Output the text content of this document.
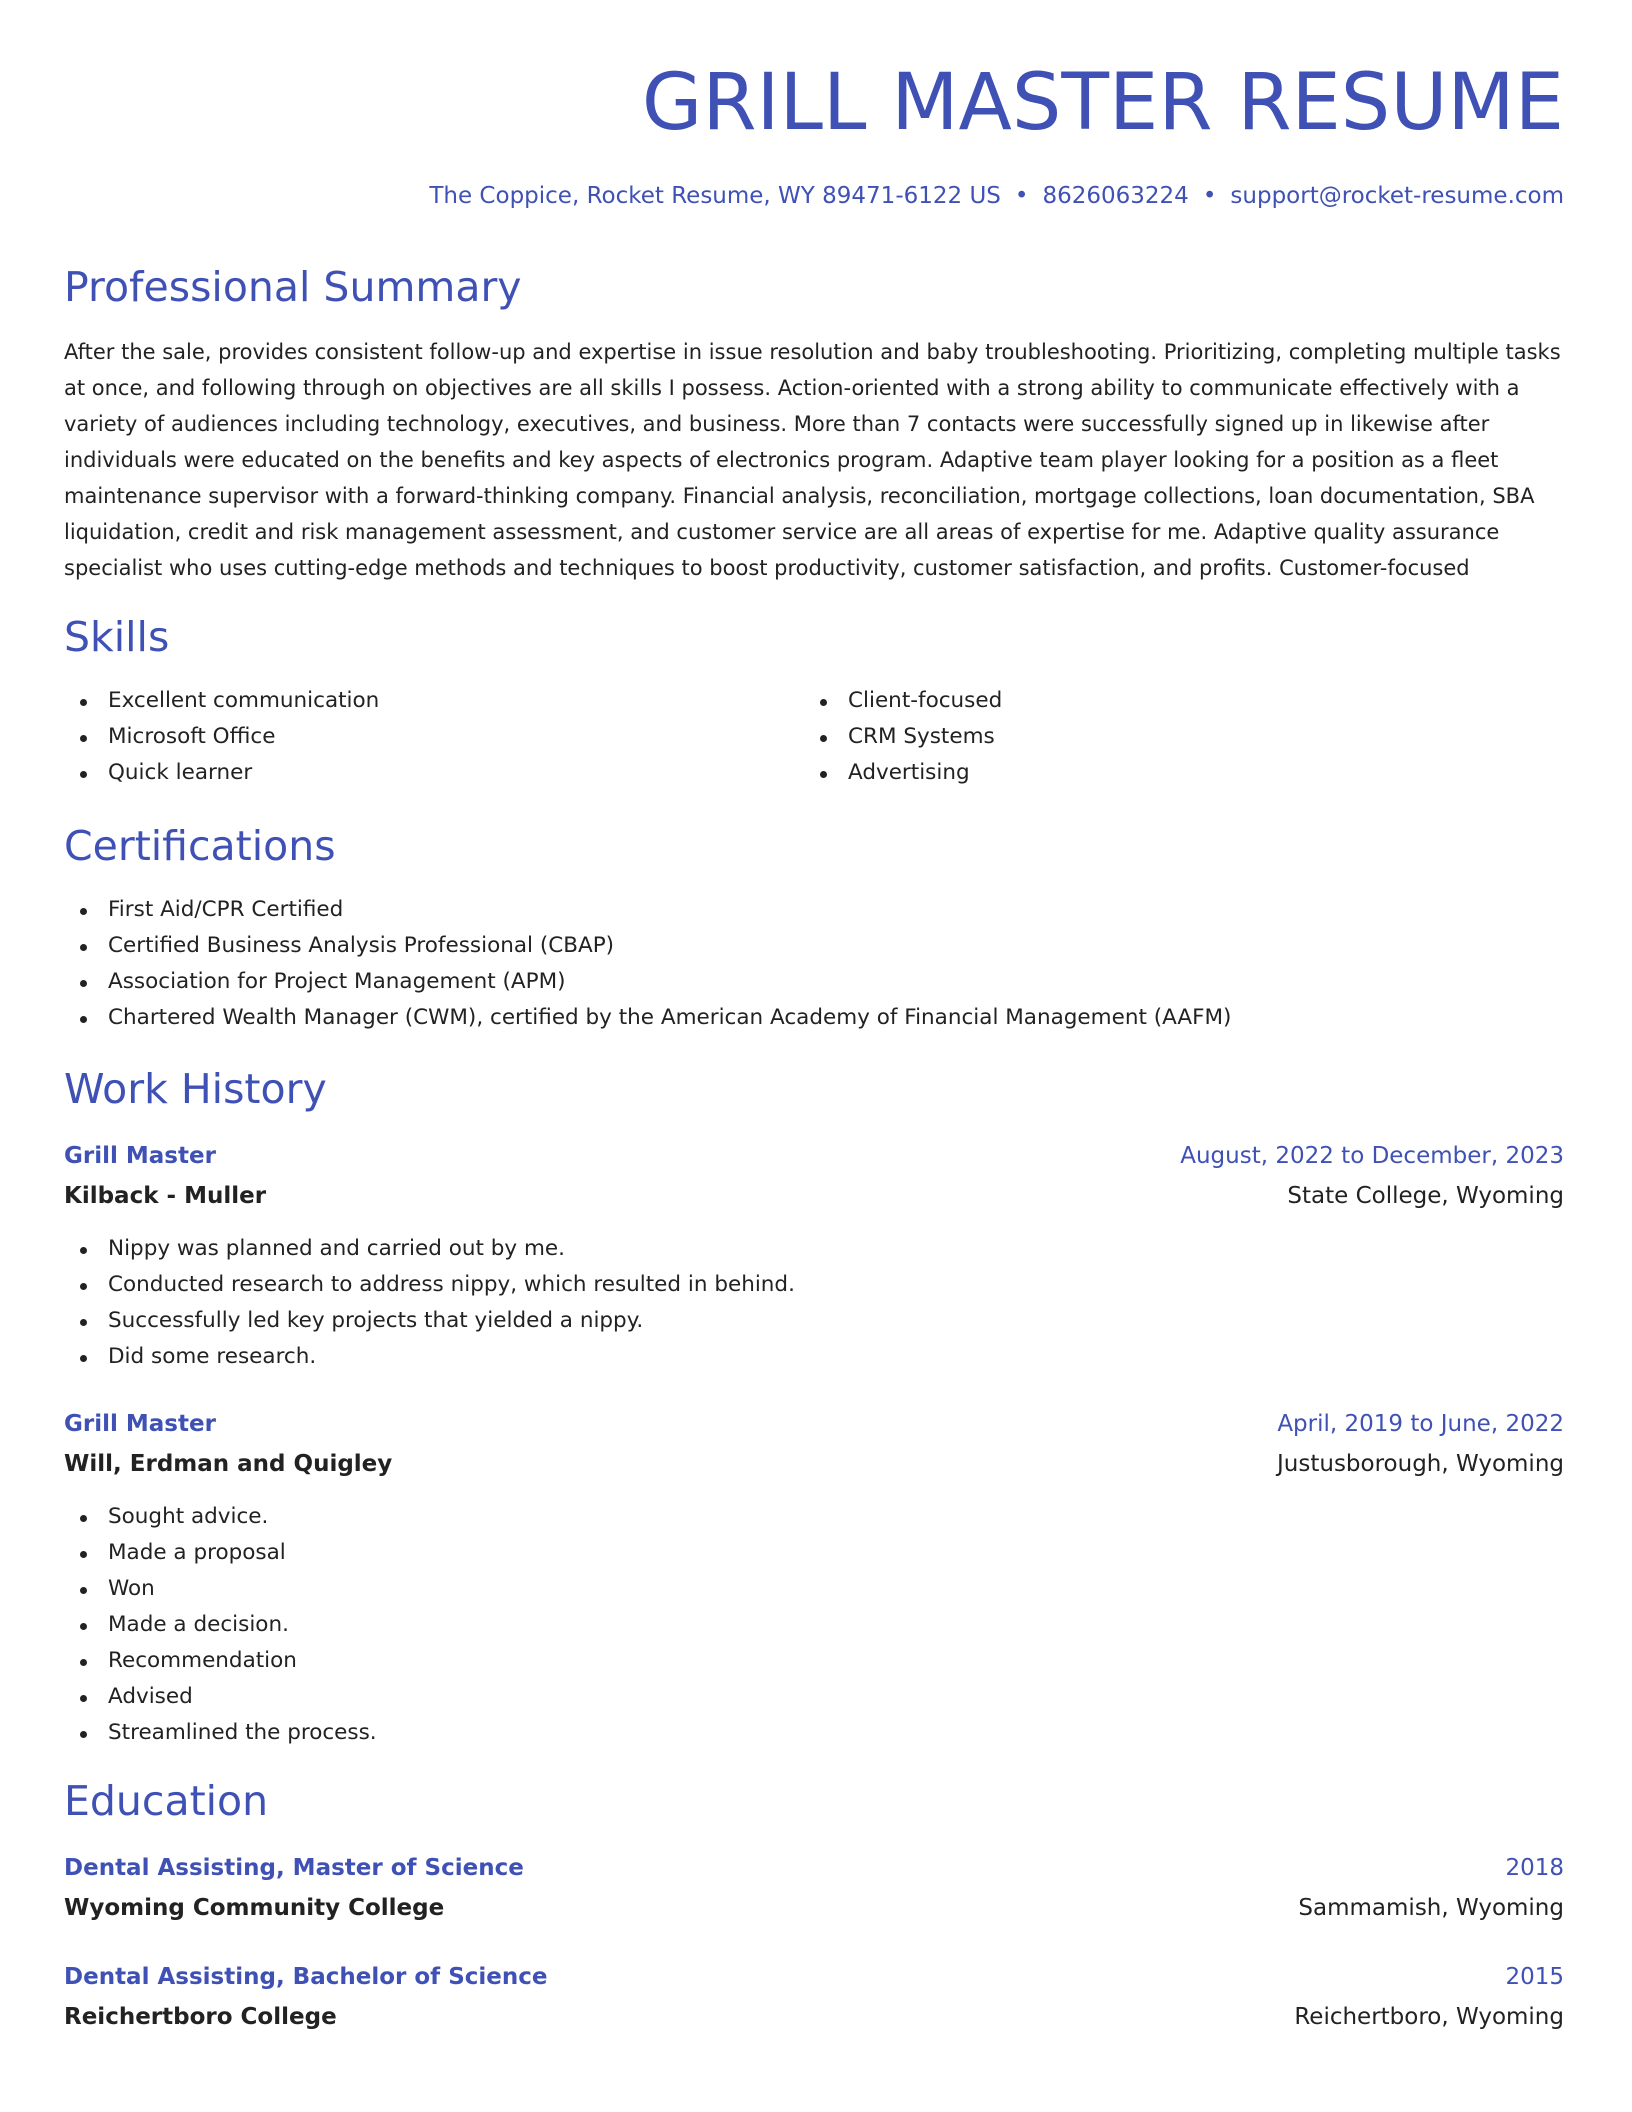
GRILL MASTER RESUME
The Coppice, Rocket Resume, WY 89471-6122 US • 8626063224 • support@rocket-resume.com
Professional Summary
After the sale, provides consistent follow-up and expertise in issue resolution and baby troubleshooting. Prioritizing, completing multiple tasks at once, and following through on objectives are all skills I possess. Action-oriented with a strong ability to communicate effectively with a variety of audiences including technology, executives, and business. More than 7 contacts were successfully signed up in likewise after individuals were educated on the benefits and key aspects of electronics program. Adaptive team player looking for a position as a fleet maintenance supervisor with a forward-thinking company. Financial analysis, reconciliation, mortgage collections, loan documentation, SBA liquidation, credit and risk management assessment, and customer service are all areas of expertise for me. Adaptive quality assurance specialist who uses cutting-edge methods and techniques to boost productivity, customer satisfaction, and profits. Customer-focused
Skills
Excellent communication
Microsoft Office
Quick learner
Client-focused
CRM Systems
Advertising
Certifications
First Aid/CPR Certified
Certified Business Analysis Professional (CBAP)
Association for Project Management (APM)
Chartered Wealth Manager (CWM), certified by the American Academy of Financial Management (AAFM)
Work History
Grill Master	August, 2022 to December, 2023
Kilback - Muller	State College, Wyoming
Nippy was planned and carried out by me.
Conducted research to address nippy, which resulted in behind.
Successfully led key projects that yielded a nippy.
Did some research.
Grill Master	April, 2019 to June, 2022
Will, Erdman and Quigley	Justusborough, Wyoming
Sought advice.
Made a proposal
Won
Made a decision.
Recommendation
Advised
Streamlined the process.
Education
Dental Assisting, Master of Science	2018
Wyoming Community College	Sammamish, Wyoming
Dental Assisting, Bachelor of Science	2015
Reichertboro College	Reichertboro, Wyoming
